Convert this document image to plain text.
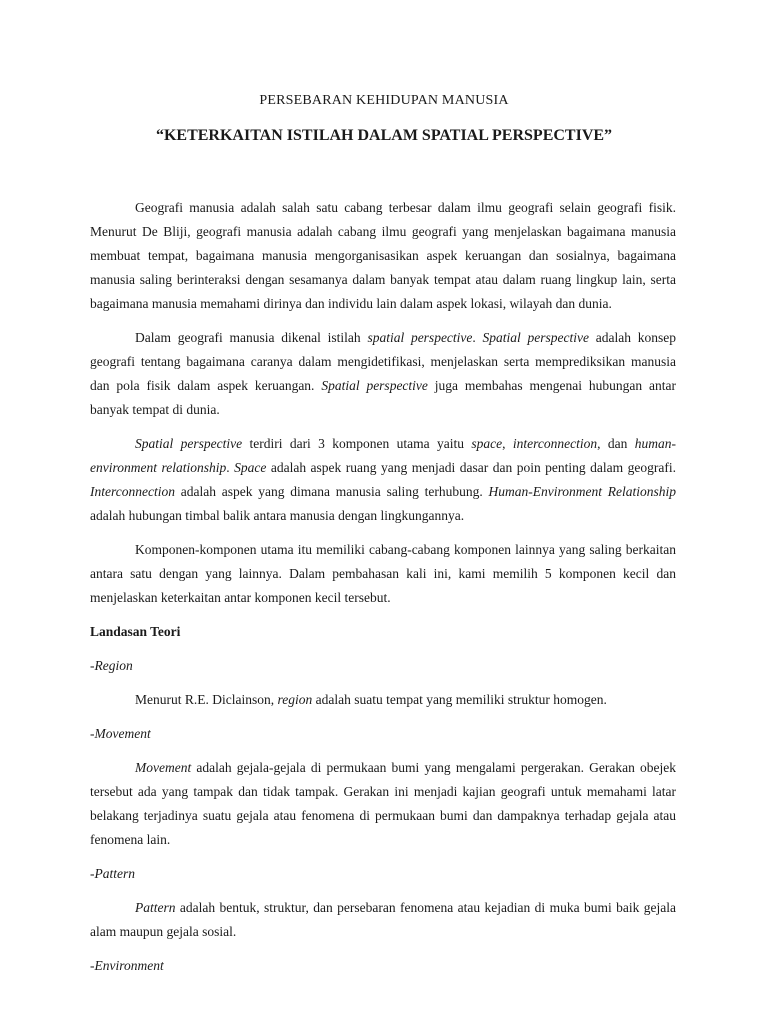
PERSEBARAN KEHIDUPAN MANUSIA
“KETERKAITAN ISTILAH DALAM SPATIAL PERSPECTIVE”

Geografi manusia adalah salah satu cabang terbesar dalam ilmu geografi selain geografi fisik. Menurut De Bliji, geografi manusia adalah cabang ilmu geografi yang menjelaskan bagaimana manusia membuat tempat, bagaimana manusia mengorganisasikan aspek keruangan dan sosialnya, bagaimana manusia saling berinteraksi dengan sesamanya dalam banyak tempat atau dalam ruang lingkup lain, serta bagaimana manusia memahami dirinya dan individu lain dalam aspek lokasi, wilayah dan dunia.

Dalam geografi manusia dikenal istilah spatial perspective. Spatial perspective adalah konsep geografi tentang bagaimana caranya dalam mengidetifikasi, menjelaskan serta memprediksikan manusia dan pola fisik dalam aspek keruangan. Spatial perspective juga membahas mengenai hubungan antar banyak tempat di dunia.

Spatial perspective terdiri dari 3 komponen utama yaitu space, interconnection, dan human-environment relationship. Space adalah aspek ruang yang menjadi dasar dan poin penting dalam geografi. Interconnection adalah aspek yang dimana manusia saling terhubung. Human-Environment Relationship adalah hubungan timbal balik antara manusia dengan lingkungannya.

Komponen-komponen utama itu memiliki cabang-cabang komponen lainnya yang saling berkaitan antara satu dengan yang lainnya. Dalam pembahasan kali ini, kami memilih 5 komponen kecil dan menjelaskan keterkaitan antar komponen kecil tersebut.

Landasan Teori

-Region

Menurut R.E. Diclainson, region adalah suatu tempat yang memiliki struktur homogen.

-Movement

Movement adalah gejala-gejala di permukaan bumi yang mengalami pergerakan. Gerakan obejek tersebut ada yang tampak dan tidak tampak. Gerakan ini menjadi kajian geografi untuk memahami latar belakang terjadinya suatu gejala atau fenomena di permukaan bumi dan dampaknya terhadap gejala atau fenomena lain.

-Pattern

Pattern adalah bentuk, struktur, dan persebaran fenomena atau kejadian di muka bumi baik gejala alam maupun gejala sosial.

-Environment
